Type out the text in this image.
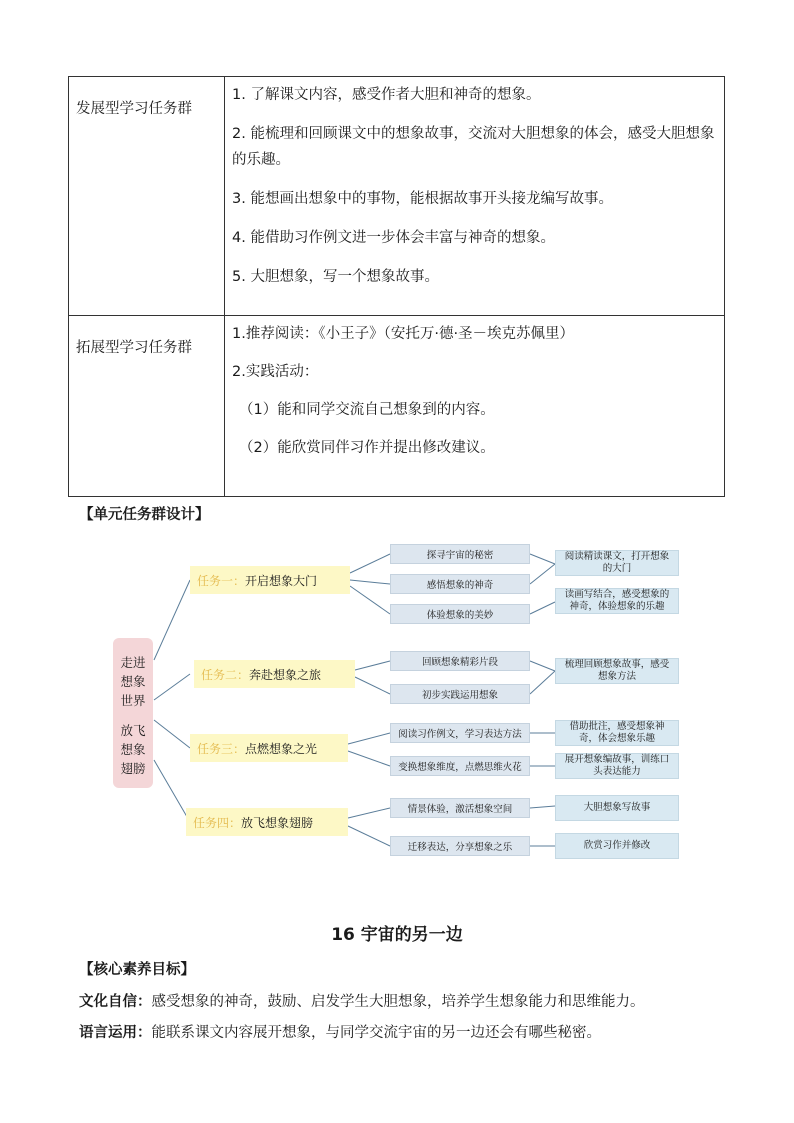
发展型学习任务群	1. 了解课文内容，感受作者大胆和神奇的想象。
2. 能梳理和回顾课文中的想象故事，交流对大胆想象的体会，感受大胆想象的乐趣。
3. 能想画出想象中的事物，能根据故事开头接龙编写故事。
4. 能借助习作例文进一步体会丰富与神奇的想象。
5. 大胆想象，写一个想象故事。

拓展型学习任务群	1.推荐阅读：《小王子》（安托万·德·圣－埃克苏佩里）
2.实践活动：
（1）能和同学交流自己想象到的内容。
（2）能欣赏同伴习作并提出修改建议。
【单元任务群设计】
走进
想象
世界
放飞
想象
翅膀
任务一： 开启想象大门
任务二： 奔赴想象之旅
任务三： 点燃想象之光
任务四： 放飞想象翅膀
探寻宇宙的秘密
感悟想象的神奇
体验想象的美妙
回顾想象精彩片段
初步实践运用想象
阅读习作例文，学习表达方法
变换想象维度，点燃思维火花
情景体验，激活想象空间
迁移表达，分享想象之乐
阅读精读课文，打开想象的大门
读画写结合，感受想象的神奇，体验想象的乐趣
梳理回顾想象故事，感受想象方法
借助批注，感受想象神奇，体会想象乐趣
展开想象编故事，训练口头表达能力
大胆想象写故事
欣赏习作并修改
16 宇宙的另一边
【核心素养目标】
文化自信：感受想象的神奇，鼓励、启发学生大胆想象，培养学生想象能力和思维能力。
语言运用：能联系课文内容展开想象，与同学交流宇宙的另一边还会有哪些秘密。
